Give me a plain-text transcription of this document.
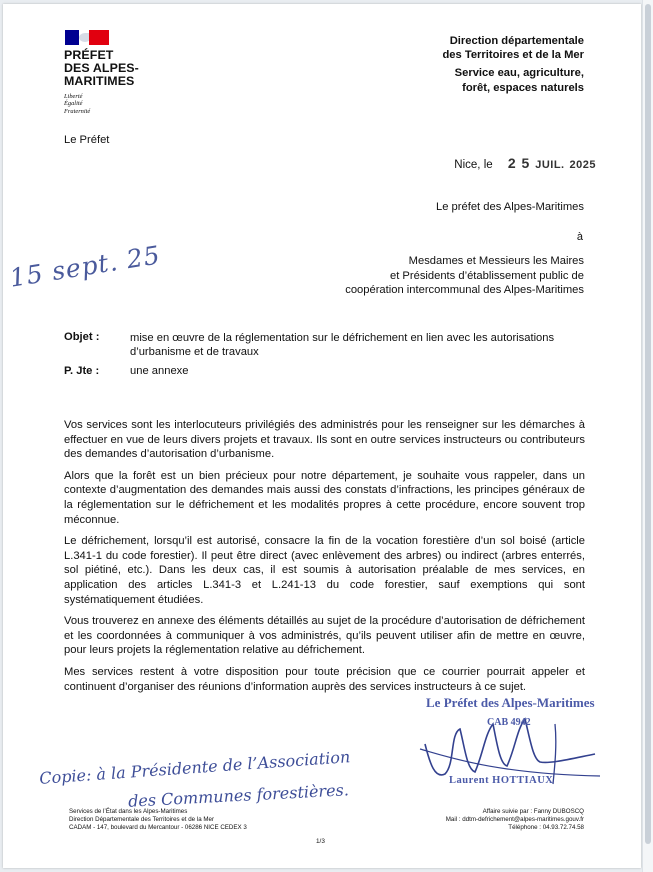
PRÉFET
DES ALPES-
MARITIMES
Liberté
Égalité
Fraternité
Le Préfet
Direction départementale
des Territoires et de la Mer
Service eau, agriculture,
forêt, espaces naturels
Nice, le 2 5 JUIL. 2025
Le préfet des Alpes-Maritimes
à
Mesdames et Messieurs les Maires
et Présidents d’établissement public de
coopération intercommunal des Alpes-Maritimes
15 sept. 25
Objet :	mise en œuvre de la réglementation sur le défrichement en lien avec les autorisations d’urbanisme et de travaux
P. Jte :	une annexe

Vos services sont les interlocuteurs privilégiés des administrés pour les renseigner sur les démarches à effectuer en vue de leurs divers projets et travaux. Ils sont en outre services instructeurs ou contributeurs des demandes d’autorisation d’urbanisme.

Alors que la forêt est un bien précieux pour notre département, je souhaite vous rappeler, dans un contexte d’augmentation des demandes mais aussi des constats d’infractions, les principes généraux de la réglementation sur le défrichement et les modalités propres à cette procédure, encore souvent trop méconnue.

Le défrichement, lorsqu’il est autorisé, consacre la fin de la vocation forestière d’un sol boisé (article L.341-1 du code forestier). Il peut être direct (avec enlèvement des arbres) ou indirect (arbres enterrés, sol piétiné, etc.). Dans les deux cas, il est soumis à autorisation préalable de mes services, en application des articles L.341-3 et L.241-13 du code forestier, sauf exemptions qui sont systématiquement étudiées.

Vous trouverez en annexe des éléments détaillés au sujet de la procédure d’autorisation de défrichement et les coordonnées à communiquer à vos administrés, qu’ils peuvent utiliser afin de mettre en œuvre, pour leurs projets la réglementation relative au défrichement.

Mes services restent à votre disposition pour toute précision que ce courrier pourrait appeler et continuent d’organiser des réunions d’information auprès des services instructeurs à ce sujet.

Le Préfet des Alpes-Maritimes
CAB 4942
Laurent HOTTIAUX
Copie: à la Présidente de l’Association
des Communes forestières.
Services de l’État dans les Alpes-Maritimes
Direction Départementale des Territoires et de la Mer
CADAM - 147, boulevard du Mercantour - 06286 NICE CEDEX 3
Affaire suivie par : Fanny DUBOSCQ
Mail : ddtm-defrichement@alpes-maritimes.gouv.fr
Téléphone : 04.93.72.74.58
1/3
